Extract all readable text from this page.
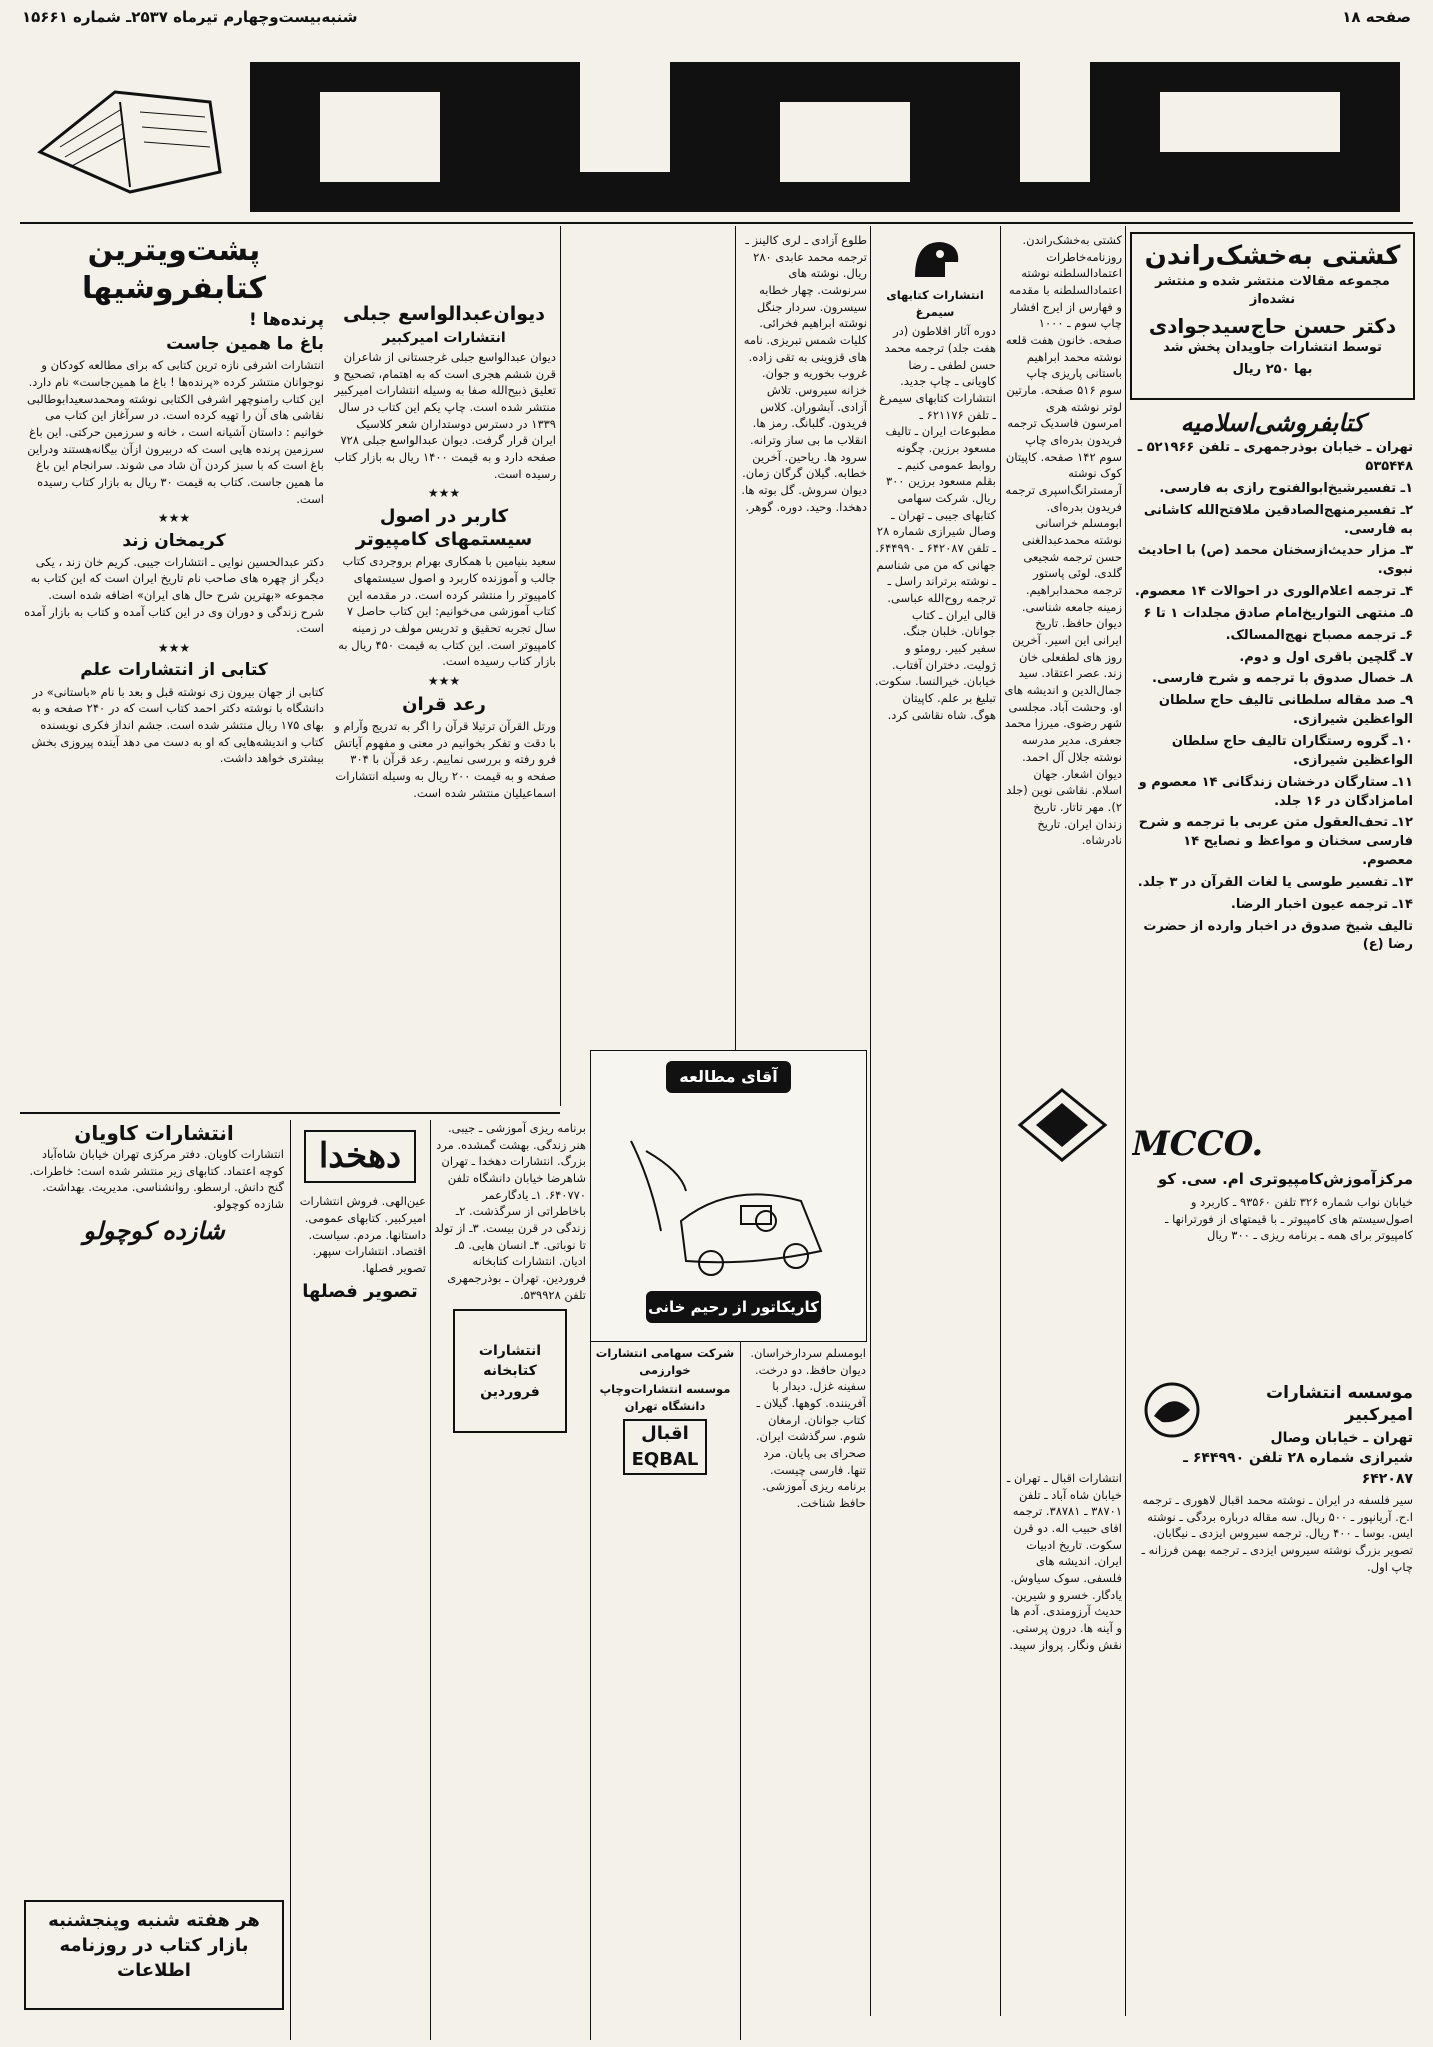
صفحه ۱۸
شنبه‌بیست‌وچهارم تیرماه ۲۵۳۷ـ شماره ۱۵۶۶۱
کشتی به‌خشک‌راندن

مجموعه مقالات منتشر شده و منتشر نشده‌از

دکتر حسن حاج‌سیدجوادی

توسط انتشارات جاویدان پخش شد

بها ۲۵۰ ریال

کتابفروشی‌اسلامیه

تهران ـ خیابان بوذرجمهری ـ تلفن ۵۲۱۹۶۶ ـ ۵۳۵۴۴۸

۱ـ تفسیرشیخ‌ابوالفتوح رازی به فارسی.

۲ـ تفسیرمنهج‌الصادقین ملافتح‌الله کاشانی به فارسی.

۳ـ مزار حدیث‌ازسخنان محمد (ص) با احادیث نبوی.

۴ـ ترجمه اعلام‌الوری در احوالات ۱۴ معصوم.

۵ـ منتهی التواریخ‌امام صادق مجلدات ۱ تا ۶

۶ـ ترجمه مصباح نهج‌المسالک.

۷ـ گلچین باقری اول و دوم.

۸ـ خصال صدوق با ترجمه و شرح فارسی.

۹ـ صد مقاله سلطانی تالیف حاج سلطان الواعظین شیرازی.

۱۰ـ گروه رستگاران تالیف حاج سلطان الواعظین شیرازی.

۱۱ـ ستارگان درخشان زندگانی ۱۴ معصوم و امامزادگان در ۱۶ جلد.

۱۲ـ تحف‌العقول متن عربی با ترجمه و شرح فارسی سخنان و مواعظ و نصایح ۱۴ معصوم.

۱۳ـ تفسیر طوسی یا لغات القرآن در ۳ جلد.

۱۴ـ ترجمه عیون اخبار الرضا.

تالیف شیخ صدوق در اخبار وارده از حضرت رضا (ع)

MCCO.

مرکزآموزش‌کامپیوتری ام. سی. کو

خیابان نواب شماره ۳۲۶ تلفن ۹۳۵۶۰ ـ کاربرد و اصول‌سیستم های کامپیوتر ـ با قیمتهای از فورترانها ـ کامپیوتر برای همه ـ برنامه ریزی ـ ۳۰۰ ریال

موسسه انتشارات امیرکبیر

تهران ـ خیابان وصال شیرازی شماره ۲۸ تلفن ۶۴۴۹۹۰ ـ ۶۴۲۰۸۷

سیر فلسفه در ایران ـ نوشته محمد اقبال لاهوری ـ ترجمه ا.ح. آریانپور ـ ۵۰۰ ریال. سه مقاله درباره بردگی ـ نوشته ایس. بوسا ـ ۴۰۰ ریال. ترجمه سیروس ایزدی ـ نیگابان. تصویر بزرگ نوشته سیروس ایزدی ـ ترجمه بهمن فرزانه ـ چاپ اول.

کشتی به‌خشک‌راندن. روزنامه‌خاطرات اعتمادالسلطنه نوشته اعتمادالسلطنه با مقدمه و فهارس از ایرج افشار چاپ سوم ـ ۱۰۰۰ صفحه. خانون هفت قلعه نوشته محمد ابراهیم باستانی پاریزی چاپ سوم ۵۱۶ صفحه. مارتین لوتر نوشته هری امرسون فاسدیک ترجمه فریدون بدره‌ای چاپ سوم ۱۴۲ صفحه. کاپیتان کوک نوشته آرمسترانگ‌اسپری ترجمه فریدون بدره‌ای. ابومسلم خراسانی نوشته محمدعبدالغنی حسن ترجمه شجیعی گلدی. لوئی پاستور ترجمه محمدابراهیم. زمینه جامعه شناسی. دیوان حافظ. تاریخ ایرانی این اسیر. آخرین روز های لطفعلی خان زند. عصر اعتقاد. سید جمال‌الدین و اندیشه های او. وحشت آباد. مجلسی شهر رضوی. میرزا محمد جعفری. مدیر مدرسه نوشته جلال آل احمد. دیوان اشعار. جهان اسلام. نقاشی نوین (جلد ۲). مهر تاتار. تاریخ زندان ایران. تاریخ نادرشاه.

انتشارات اقبال ـ تهران ـ خیابان شاه آباد ـ تلفن ۳۸۷۰۱ ـ ۳۸۷۸۱. ترجمه افای حبیب اله. دو قرن سکوت. تاریخ ادبیات ایران. اندیشه های فلسفی. سوک سیاوش. یادگار. خسرو و شیرین. حدیث آرزومندی. آدم ها و آینه ها. درون پرستی. نقش ونگار. پرواز سپید.

انتشارات کتابهای سیمرغ

دوره آثار افلاطون (در هفت جلد) ترجمه محمد حسن لطفی ـ رضا کاویانی ـ چاپ جدید. انتشارات کتابهای سیمرغ ـ تلفن ۶۲۱۱۷۶ ـ مطبوعات ایران ـ تالیف مسعود برزین. چگونه روابط عمومی کنیم ـ بقلم مسعود برزین ۳۰۰ ریال. شرکت سهامی کتابهای جیبی ـ تهران ـ وصال شیرازی شماره ۲۸ ـ تلفن ۶۴۲۰۸۷ ـ ۶۴۴۹۹۰. جهانی که من می شناسم ـ نوشته برتراند راسل ـ ترجمه روح‌الله عباسی. قالی ایران ـ کتاب جوانان. خلبان جنگ. سفیر کبیر. رومئو و ژولیت. دختران آفتاب. خیابان. خیرالنسا. سکوت. تبلیغ بر علم. کاپیتان هوگ. شاه نقاشی کرد.

طلوع آزادی ـ لری کالینز ـ ترجمه محمد عابدی ۲۸۰ ریال. نوشته های سرنوشت. چهار خطابه سیسرون. سردار جنگل نوشته ابراهیم فخرائی. کلیات شمس تبریزی. نامه های قزوینی به تقی زاده. غروب بخوریه و جوان. خزانه سیروس. تلاش آزادی. آبشوران. کلاس فریدون. گلبانگ. رمز ها. انقلاب ما بی ساز وترانه. سرود ها. ریاحین. آخرین خطابه. گیلان گرگان زمان. دیوان سروش. گل بوته ها. دهخدا. وحید. دوره. گوهر.

آقای مطالعه
کاریکاتور از رحیم خانی
پشت‌ویترین کتابفروشیها
پرنده‌ها !
باغ ما همین جاست

انتشارات اشرفی نازه ترین کتابی که برای مطالعه کودکان و نوجوانان منتشر کرده «پرنده‌ها ! باغ ما همین‌جاست» نام دارد. این کتاب رامنوچهر اشرفی الکتابی نوشته ومحمدسعیدابوطالبی نقاشی های آن را تهیه کرده است. در سرآغاز این کتاب می خوانیم : داستان آشیانه است ، خانه و سرزمین حرکتی. این باغ سرزمین پرنده هایی است که دربیرون ازآن بیگانه‌هستند ودراین باغ است که با سبز کردن آن شاد می شوند. سرانجام این باغ ما همین جاست. کتاب به قیمت ۳۰ ریال به بازار کتاب رسیده است.

★★★
کریمخان زند

دکتر عبدالحسین نوایی ـ انتشارات جیبی. کریم خان زند ، یکی دیگر از چهره های صاحب نام تاریخ ایران است که این کتاب به مجموعه «بهترین شرح حال های ایران» اضافه شده است. شرح زندگی و دوران وی در این کتاب آمده و کتاب به بازار آمده است.

★★★
کتابی از انتشارات علم

کتابی از جهان بیرون زی نوشته قبل و بعد با نام «باستانی» در دانشگاه با نوشته دکتر احمد کتاب است که در ۲۴۰ صفحه و به بهای ۱۷۵ ریال منتشر شده است. جشم انداز فکری نویسنده کتاب و اندیشه‌هایی که او به دست می دهد آینده پیروزی بخش بیشتری خواهد داشت.

دیوان‌عبدالواسع جبلی
انتشارات امیرکبیر

دیوان عبدالواسع جبلی غرجستانی از شاعران قرن ششم هجری است که به اهتمام، تصحیح و تعلیق ذبیح‌الله صفا به وسیله انتشارات امیرکبیر منتشر شده است. چاپ یکم این کتاب در سال ۱۳۳۹ در دسترس دوستداران شعر کلاسیک ایران قرار گرفت. دیوان عبدالواسع جبلی ۷۲۸ صفحه دارد و به قیمت ۱۴۰۰ ریال به بازار کتاب رسیده است.

★★★
کاربر در اصول سیستمهای کامپیوتر

سعید بنیامین با همکاری بهرام بروجردی کتاب جالب و آموزنده کاربرد و اصول سیستمهای کامپیوتر را منتشر کرده است. در مقدمه این کتاب آموزشی می‌خوانیم: این کتاب حاصل ۷ سال تجربه تحقیق و تدریس مولف در زمینه کامپیوتر است. این کتاب به قیمت ۴۵۰ ریال به بازار کتاب رسیده است.

★★★
رعد قران

ورتل القرآن ترتیلا قرآن را اگر به تدریج وآرام و با دقت و تفکر بخوانیم در معنی و مفهوم آیاتش فرو رفته و بررسی نماییم. رعد قرآن با ۳۰۴ صفحه و به قیمت ۲۰۰ ریال به وسیله انتشارات اسماعیلیان منتشر شده است.

ابومسلم سردارخراسان. دیوان حافظ. دو درخت. سفینه غزل. دیدار با آفریننده. کوهها. گیلان ـ کتاب جوانان. ارمغان شوم. سرگذشت ایران. صحرای بی پایان. مرد تنها. فارسی چیست. برنامه ریزی آموزشی. حافظ شناخت.

شرکت سهامی انتشارات خوارزمی

موسسه انتشارات‌وچاپ دانشگاه تهران

اقبال
EQBAL

برنامه ریزی آموزشی ـ جیبی. هنر زندگی. بهشت گمشده. مرد بزرگ. انتشارات دهخدا ـ تهران شاهرضا خیابان دانشگاه تلفن ۶۴۰۷۷۰. ۱ـ یادگارعمر باخاطراتی از سرگذشت. ۲ـ زندگی در قرن بیست. ۳ـ از تولد تا نوباتی. ۴ـ انسان هایی. ۵ـ ادیان. انتشارات کتابخانه فروردین. تهران ـ بوذرجمهری تلفن ۵۳۹۹۲۸.

انتشارات کتابخانه فروردین
دهخدا

عین‌الهی. فروش انتشارات امیرکبیر. کتابهای عمومی. داستانها. مردم. سیاست. اقتصاد. انتشارات سپهر. تصویر فصلها.

تصویر فصلها
انتشارات کاویان

انتشارات کاویان. دفتر مرکزی تهران خیابان شاه‌آباد کوچه اعتماد. کتابهای زیر منتشر شده است: خاطرات. گنج دانش. ارسطو. روانشناسی. مدیریت. بهداشت. شازده کوچولو.

شازده کوچولو
هر هفته شنبه وپنجشنبه بازار کتاب در روزنامه اطلاعات
